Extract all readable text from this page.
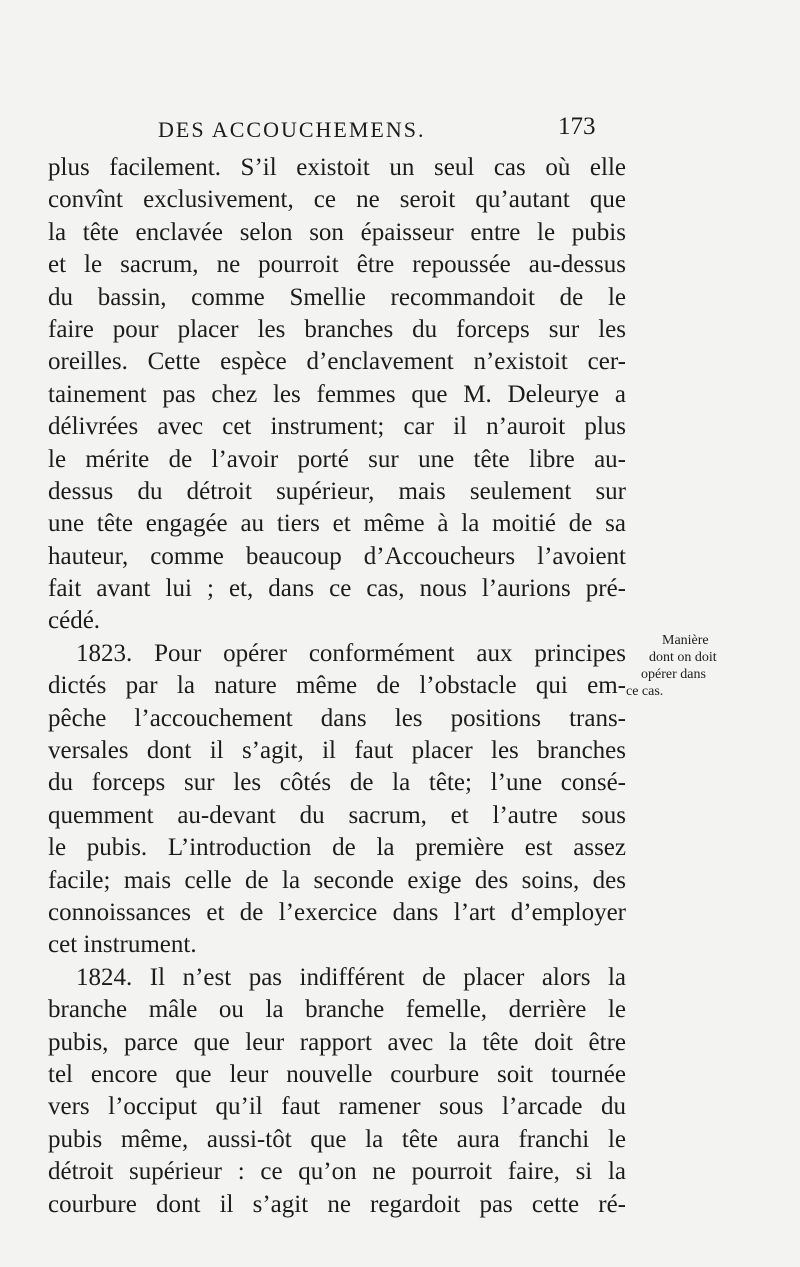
DES ACCOUCHEMENS.	173
plus facilement. S’il existoit un seul cas où elle
convînt exclusivement, ce ne seroit qu’autant que
la tête enclavée selon son épaisseur entre le pubis
et le sacrum, ne pourroit être repoussée au-dessus
du bassin, comme Smellie recommandoit de le
faire pour placer les branches du forceps sur les
oreilles. Cette espèce d’enclavement n’existoit cer-
tainement pas chez les femmes que M. Deleurye a
délivrées avec cet instrument; car il n’auroit plus
le mérite de l’avoir porté sur une tête libre au-
dessus du détroit supérieur, mais seulement sur
une tête engagée au tiers et même à la moitié de sa
hauteur, comme beaucoup d’Accoucheurs l’avoient
fait avant lui ; et, dans ce cas, nous l’aurions pré-
cédé.
1823. Pour opérer conformément aux principes
dictés par la nature même de l’obstacle qui em-
pêche l’accouchement dans les positions trans-
versales dont il s’agit, il faut placer les branches
du forceps sur les côtés de la tête; l’une consé-
quemment au-devant du sacrum, et l’autre sous
le pubis. L’introduction de la première est assez
facile; mais celle de la seconde exige des soins, des
connoissances et de l’exercice dans l’art d’employer
cet instrument.
1824. Il n’est pas indifférent de placer alors la
branche mâle ou la branche femelle, derrière le
pubis, parce que leur rapport avec la tête doit être
tel encore que leur nouvelle courbure soit tournée
vers l’occiput qu’il faut ramener sous l’arcade du
pubis même, aussi-tôt que la tête aura franchi le
détroit supérieur : ce qu’on ne pourroit faire, si la
courbure dont il s’agit ne regardoit pas cette ré-
Manière
dont on doit
opérer dans
ce cas.
